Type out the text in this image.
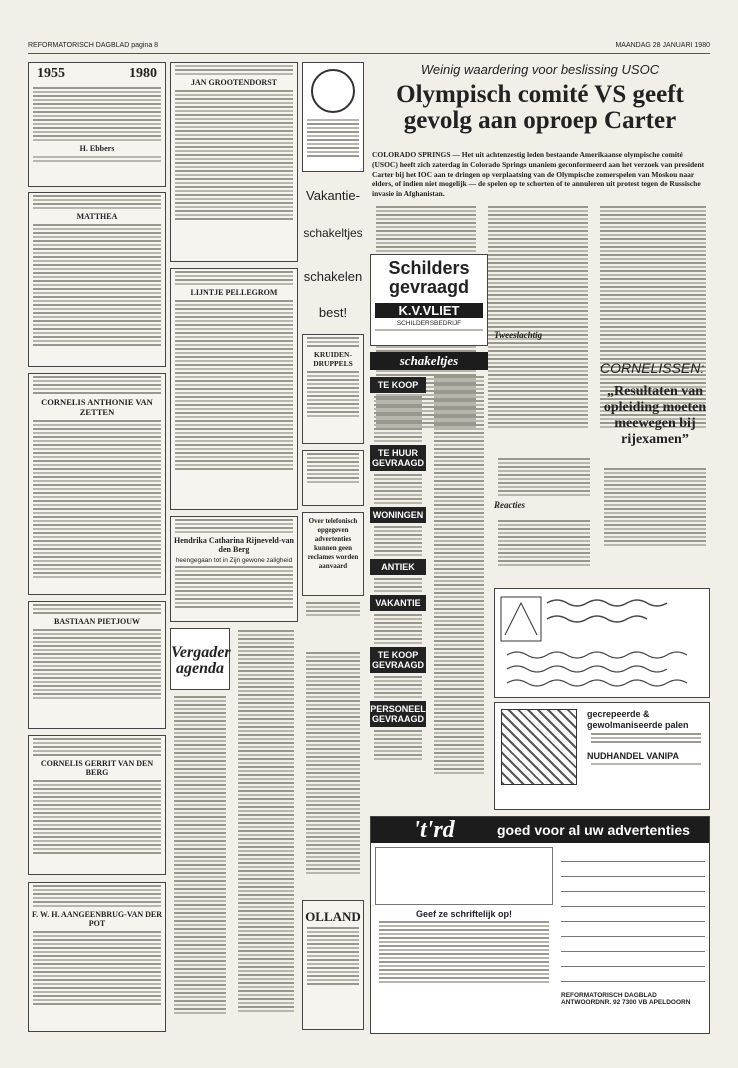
REFORMATORISCH DAGBLAD pagina 8	MAANDAG 28 JANUARI 1980
1955	1980
H. Ebbers
MATTHEA
CORNELIS ANTHONIE VAN ZETTEN
BASTIAAN PIETJOUW
CORNELIS GERRIT VAN DEN BERG
F. W. H. AANGEENBRUG-VAN DER POT
JAN GROOTENDORST
LIJNTJE PELLEGROM
Hendrika Catharina Rijneveld-van den Berg
heengegaan tot in Zijn gewone zaligheid
Vergader agenda
Vakantie-
schakeltjes
schakelen
best!
KRUIDEN-DRUPPELS
Over telefonisch opgegeven advertenties kunnen geen reclames worden aanvaard
OLLAND
Weinig waardering voor beslissing USOC
Olympisch comité VS geeft gevolg aan oproep Carter
COLORADO SPRINGS — Het uit achtenzestig leden bestaande Amerikaanse olympische comité (USOC) heeft zich zaterdag in Colorado Springs unaniem geconformeerd aan het verzoek van president Carter bij het IOC aan te dringen op verplaatsing van de Olympische zomerspelen van Moskou naar elders, of indien niet mogelijk — de spelen op te schorten of te annuleren uit protest tegen de Russische invasie in Afghanistan.
Schilders gevraagd
K.V.VLIET
SCHILDERSBEDRIJF
schakeltjes
TE KOOP
TE HUUR GEVRAAGD
WONINGEN
ANTIEK
VAKANTIE
TE KOOP GEVRAAGD
PERSONEEL GEVRAAGD
Tweeslachtig
Reacties
CORNELISSEN:
„Resultaten van opleiding moeten meewegen bij rijexamen”
gecrepeerde & gewolmaniseerde palen
NUDHANDEL VANIPA
't'rd	goed voor al uw advertenties
Geef ze schriftelijk op!
REFORMATORISCH DAGBLAD ANTWOORDNR. 92 7300 VB APELDOORN
